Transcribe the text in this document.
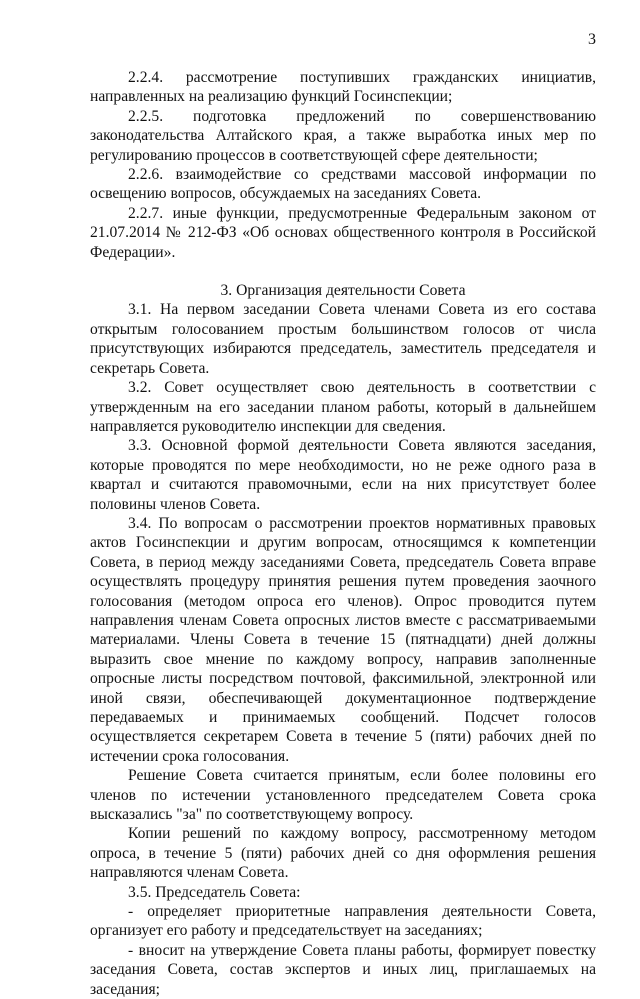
3

2.2.4. рассмотрение поступивших гражданских инициатив, направленных на реализацию функций Госинспекции;

2.2.5. подготовка предложений по совершенствованию законодательства Алтайского края, а также выработка иных мер по регулированию процессов в соответствующей сфере деятельности;

2.2.6. взаимодействие со средствами массовой информации по освещению вопросов, обсуждаемых на заседаниях Совета.

2.2.7. иные функции, предусмотренные Федеральным законом от 21.07.2014 № 212-ФЗ «Об основах общественного контроля в Российской Федерации».

3. Организация деятельности Совета

3.1. На первом заседании Совета членами Совета из его состава открытым голосованием простым большинством голосов от числа присутствующих избираются председатель, заместитель председателя и секретарь Совета.

3.2. Совет осуществляет свою деятельность в соответствии с утвержденным на его заседании планом работы, который в дальнейшем направляется руководителю инспекции для сведения.

3.3. Основной формой деятельности Совета являются заседания, которые проводятся по мере необходимости, но не реже одного раза в квартал и считаются правомочными, если на них присутствует более половины членов Совета.

3.4. По вопросам о рассмотрении проектов нормативных правовых актов Госинспекции и другим вопросам, относящимся к компетенции Совета, в период между заседаниями Совета, председатель Совета вправе осуществлять процедуру принятия решения путем проведения заочного голосования (методом опроса его членов). Опрос проводится путем направления членам Совета опросных листов вместе с рассматриваемыми материалами. Члены Совета в течение 15 (пятнадцати) дней должны выразить свое мнение по каждому вопросу, направив заполненные опросные листы посредством почтовой, факсимильной, электронной или иной связи, обеспечивающей документационное подтверждение передаваемых и принимаемых сообщений. Подсчет голосов осуществляется секретарем Совета в течение 5 (пяти) рабочих дней по истечении срока голосования.

Решение Совета считается принятым, если более половины его членов по истечении установленного председателем Совета срока высказались "за" по соответствующему вопросу.

Копии решений по каждому вопросу, рассмотренному методом опроса, в течение 5 (пяти) рабочих дней со дня оформления решения направляются членам Совета.

3.5. Председатель Совета:

- определяет приоритетные направления деятельности Совета, организует его работу и председательствует на заседаниях;

- вносит на утверждение Совета планы работы, формирует повестку заседания Совета, состав экспертов и иных лиц, приглашаемых на заседания;
